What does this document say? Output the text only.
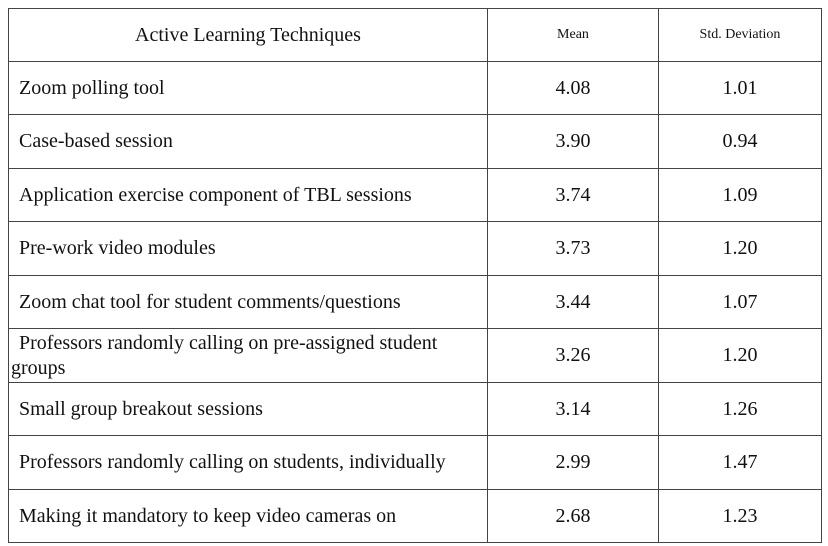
Active Learning Techniques	Mean	Std. Deviation
Zoom polling tool	4.08	1.01
Case-based session	3.90	0.94
Application exercise component of TBL sessions	3.74	1.09
Pre-work video modules	3.73	1.20
Zoom chat tool for student comments/questions	3.44	1.07
Professors randomly calling on pre-assigned student groups	3.26	1.20
Small group breakout sessions	3.14	1.26
Professors randomly calling on students, individually	2.99	1.47
Making it mandatory to keep video cameras on	2.68	1.23
